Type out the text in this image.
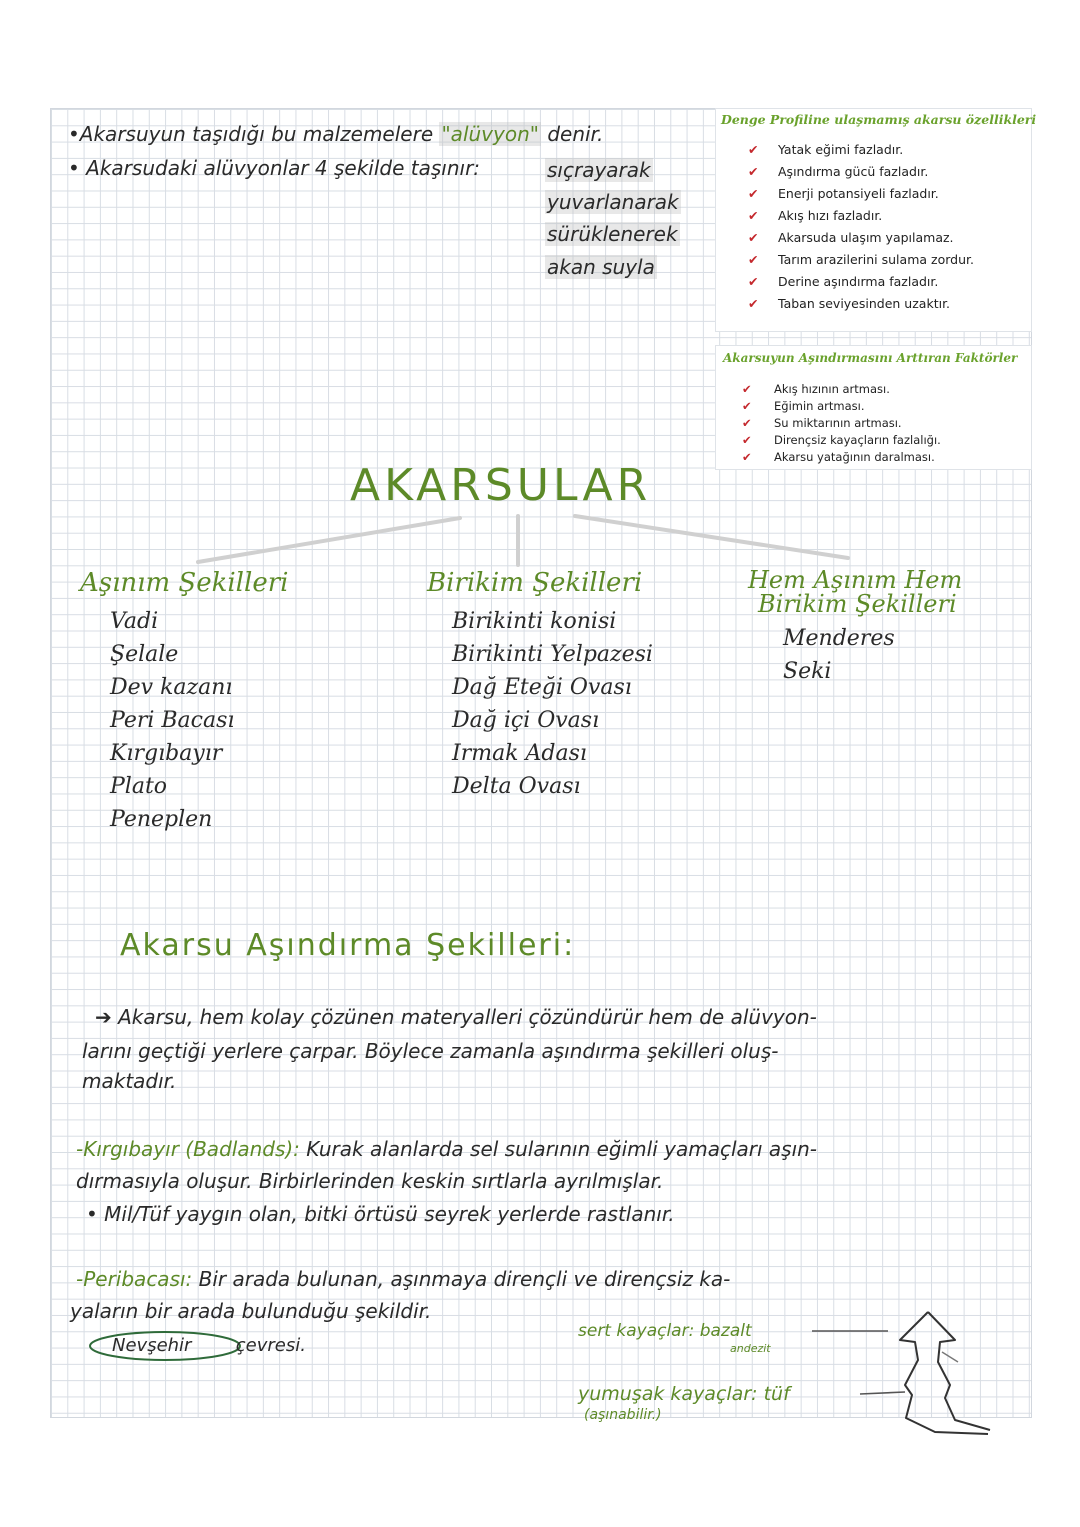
•Akarsuyun taşıdığı bu malzemelere "alüvyon" denir.
• Akarsudaki alüvyonlar 4 şekilde taşınır:	sıçrayarak
yuvarlanarak
sürüklenerek
akan suyla
Denge Profiline ulaşmamış akarsu özellikleri
✔	Yatak eğimi fazladır.
✔	Aşındırma gücü fazladır.
✔	Enerji potansiyeli fazladır.
✔	Akış hızı fazladır.
✔	Akarsuda ulaşım yapılamaz.
✔	Tarım arazilerini sulama zordur.
✔	Derine aşındırma fazladır.
✔	Taban seviyesinden uzaktır.
Akarsuyun Aşındırmasını Arttıran Faktörler
✔	Akış hızının artması.
✔	Eğimin artması.
✔	Su miktarının artması.
✔	Dirençsiz kayaçların fazlalığı.
✔	Akarsu yatağının daralması.
AKARSULAR
Aşınım Şekilleri
Vadi
Şelale
Dev kazanı
Peri Bacası
Kırgıbayır
Plato
Peneplen
Birikim Şekilleri
Birikinti konisi
Birikinti Yelpazesi
Dağ Eteği Ovası
Dağ içi Ovası
Irmak Adası
Delta Ovası
Hem Aşınım Hem
Birikim Şekilleri
Menderes
Seki
Akarsu Aşındırma Şekilleri:
➔ Akarsu, hem kolay çözünen materyalleri çözündürür hem de alüvyon-
larını geçtiği yerlere çarpar. Böylece zamanla aşındırma şekilleri oluş-
maktadır.
-Kırgıbayır (Badlands): Kurak alanlarda sel sularının eğimli yamaçları aşın-
dırmasıyla oluşur. Birbirlerinden keskin sırtlarla ayrılmışlar.
• Mil/Tüf yaygın olan, bitki örtüsü seyrek yerlerde rastlanır.
-Peribacası: Bir arada bulunan, aşınmaya dirençli ve dirençsiz ka-
yaların bir arada bulunduğu şekildir.
Nevşehir çevresi.
sert kayaçlar: bazalt
andezit
yumuşak kayaçlar: tüf
(aşınabilir.)
